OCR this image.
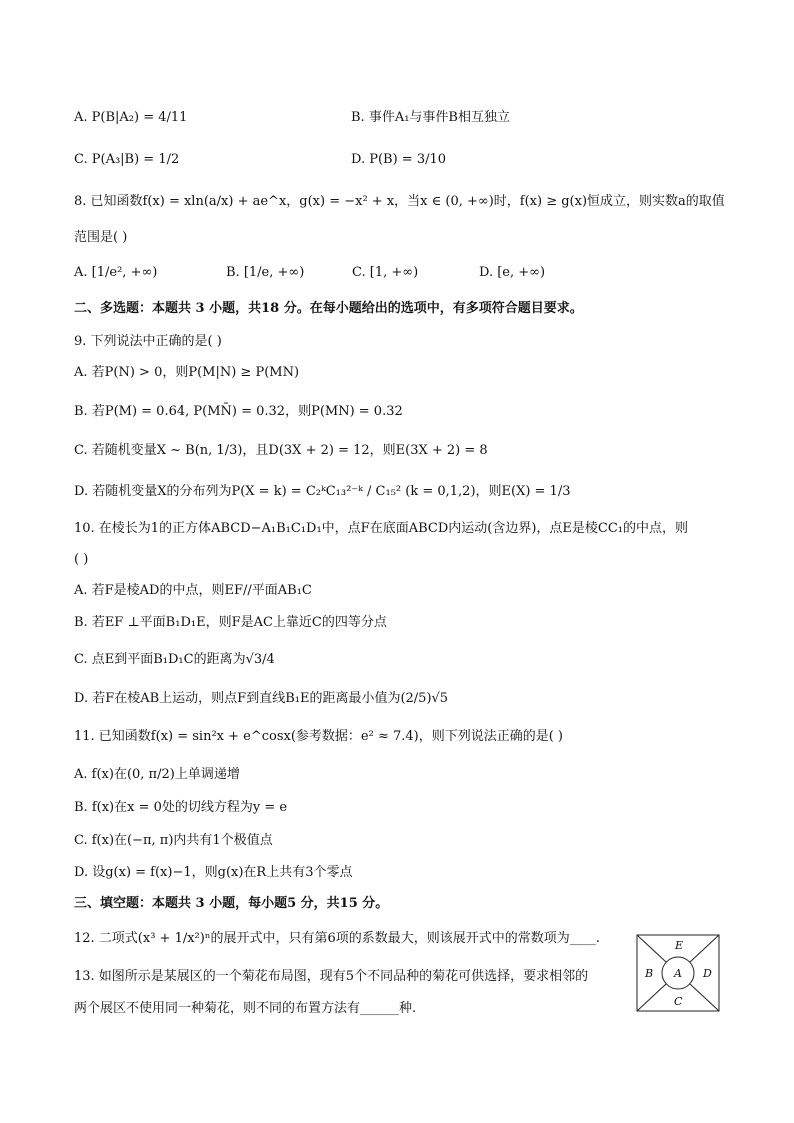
A. P(B|A₂) = 4/11	B. 事件A₁与事件B相互独立
C. P(A₃|B) = 1/2	D. P(B) = 3/10
8. 已知函数f(x) = xln(a/x) + ae^x，g(x) = −x² + x，当x ∈ (0, +∞)时，f(x) ≥ g(x)恒成立，则实数a的取值
范围是( )
A. [1/e², +∞)	B. [1/e, +∞)	C. [1, +∞)	D. [e, +∞)
二、多选题：本题共 3 小题，共18 分。在每小题给出的选项中，有多项符合题目要求。
9. 下列说法中正确的是( )
A. 若P(N) > 0，则P(M|N) ≥ P(MN)
B. 若P(M) = 0.64, P(MN̄) = 0.32，则P(MN) = 0.32
C. 若随机变量X ~ B(n, 1/3)，且D(3X + 2) = 12，则E(3X + 2) = 8
D. 若随机变量X的分布列为P(X = k) = C₂ᵏC₁₃²⁻ᵏ / C₁₅² (k = 0,1,2)，则E(X) = 1/3
10. 在棱长为1的正方体ABCD−A₁B₁C₁D₁中，点F在底面ABCD内运动(含边界)，点E是棱CC₁的中点，则
( )
A. 若F是棱AD的中点，则EF//平面AB₁C
B. 若EF ⊥平面B₁D₁E，则F是AC上靠近C的四等分点
C. 点E到平面B₁D₁C的距离为√3/4
D. 若F在棱AB上运动，则点F到直线B₁E的距离最小值为(2/5)√5
11. 已知函数f(x) = sin²x + e^cosx(参考数据：e² ≈ 7.4)，则下列说法正确的是( )
A. f(x)在(0, π/2)上单调递增
B. f(x)在x = 0处的切线方程为y = e
C. f(x)在(−π, π)内共有1个极值点
D. 设g(x) = f(x)−1，则g(x)在R上共有3个零点
三、填空题：本题共 3 小题，每小题5 分，共15 分。
12. 二项式(x³ + 1/x²)ⁿ的展开式中，只有第6项的系数最大，则该展开式中的常数项为____.
13. 如图所示是某展区的一个菊花布局图，现有5个不同品种的菊花可供选择，要求相邻的
两个展区不使用同一种菊花，则不同的布置方法有______种.
A
B
C
D
E
